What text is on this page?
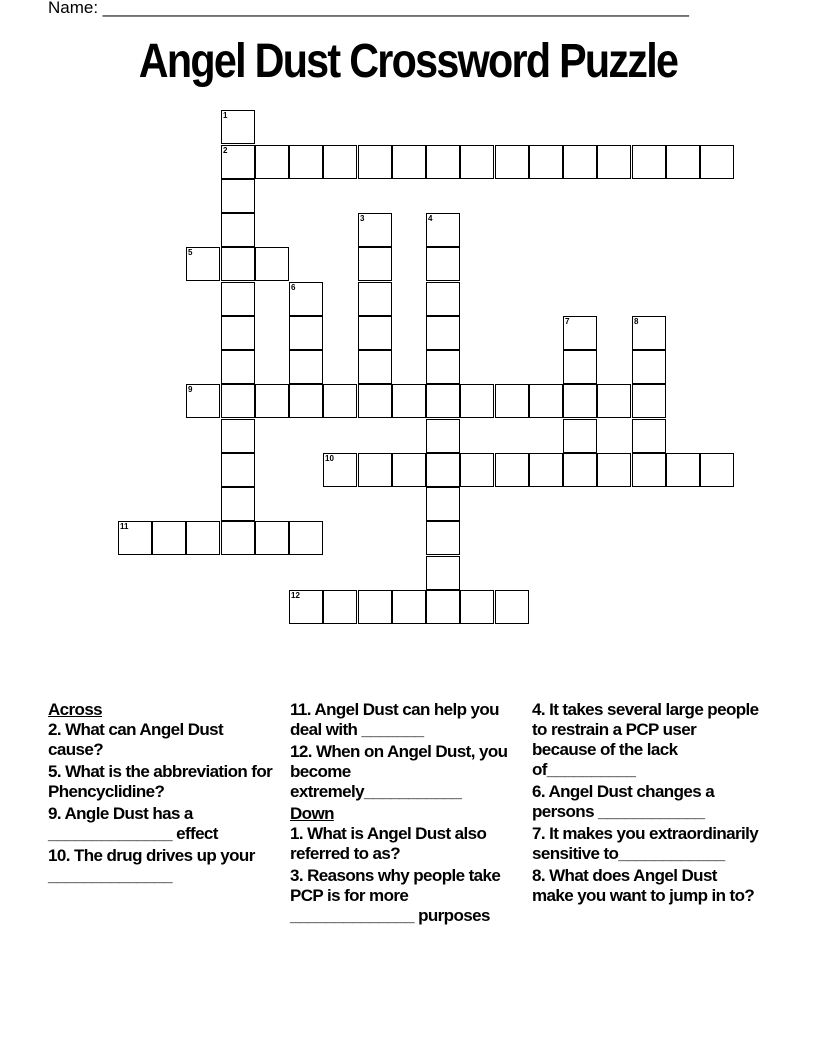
Name: ______________________________________________________________
Angel Dust Crossword Puzzle
1
2
3	4
5
6
7	8
9
10
11
12
Across
2. What can Angel Dust cause?
5. What is the abbreviation for Phencyclidine?
9. Angle Dust has a ______________ effect
10. The drug drives up your ______________
11. Angel Dust can help you deal with _______
12. When on Angel Dust, you become extremely___________
Down
1. What is Angel Dust also referred to as?
3. Reasons why people take PCP is for more ______________ purposes
4. It takes several large people to restrain a PCP user because of the lack of__________
6. Angel Dust changes a persons ____________
7. It makes you extraordinarily sensitive to____________
8. What does Angel Dust make you want to jump in to?
